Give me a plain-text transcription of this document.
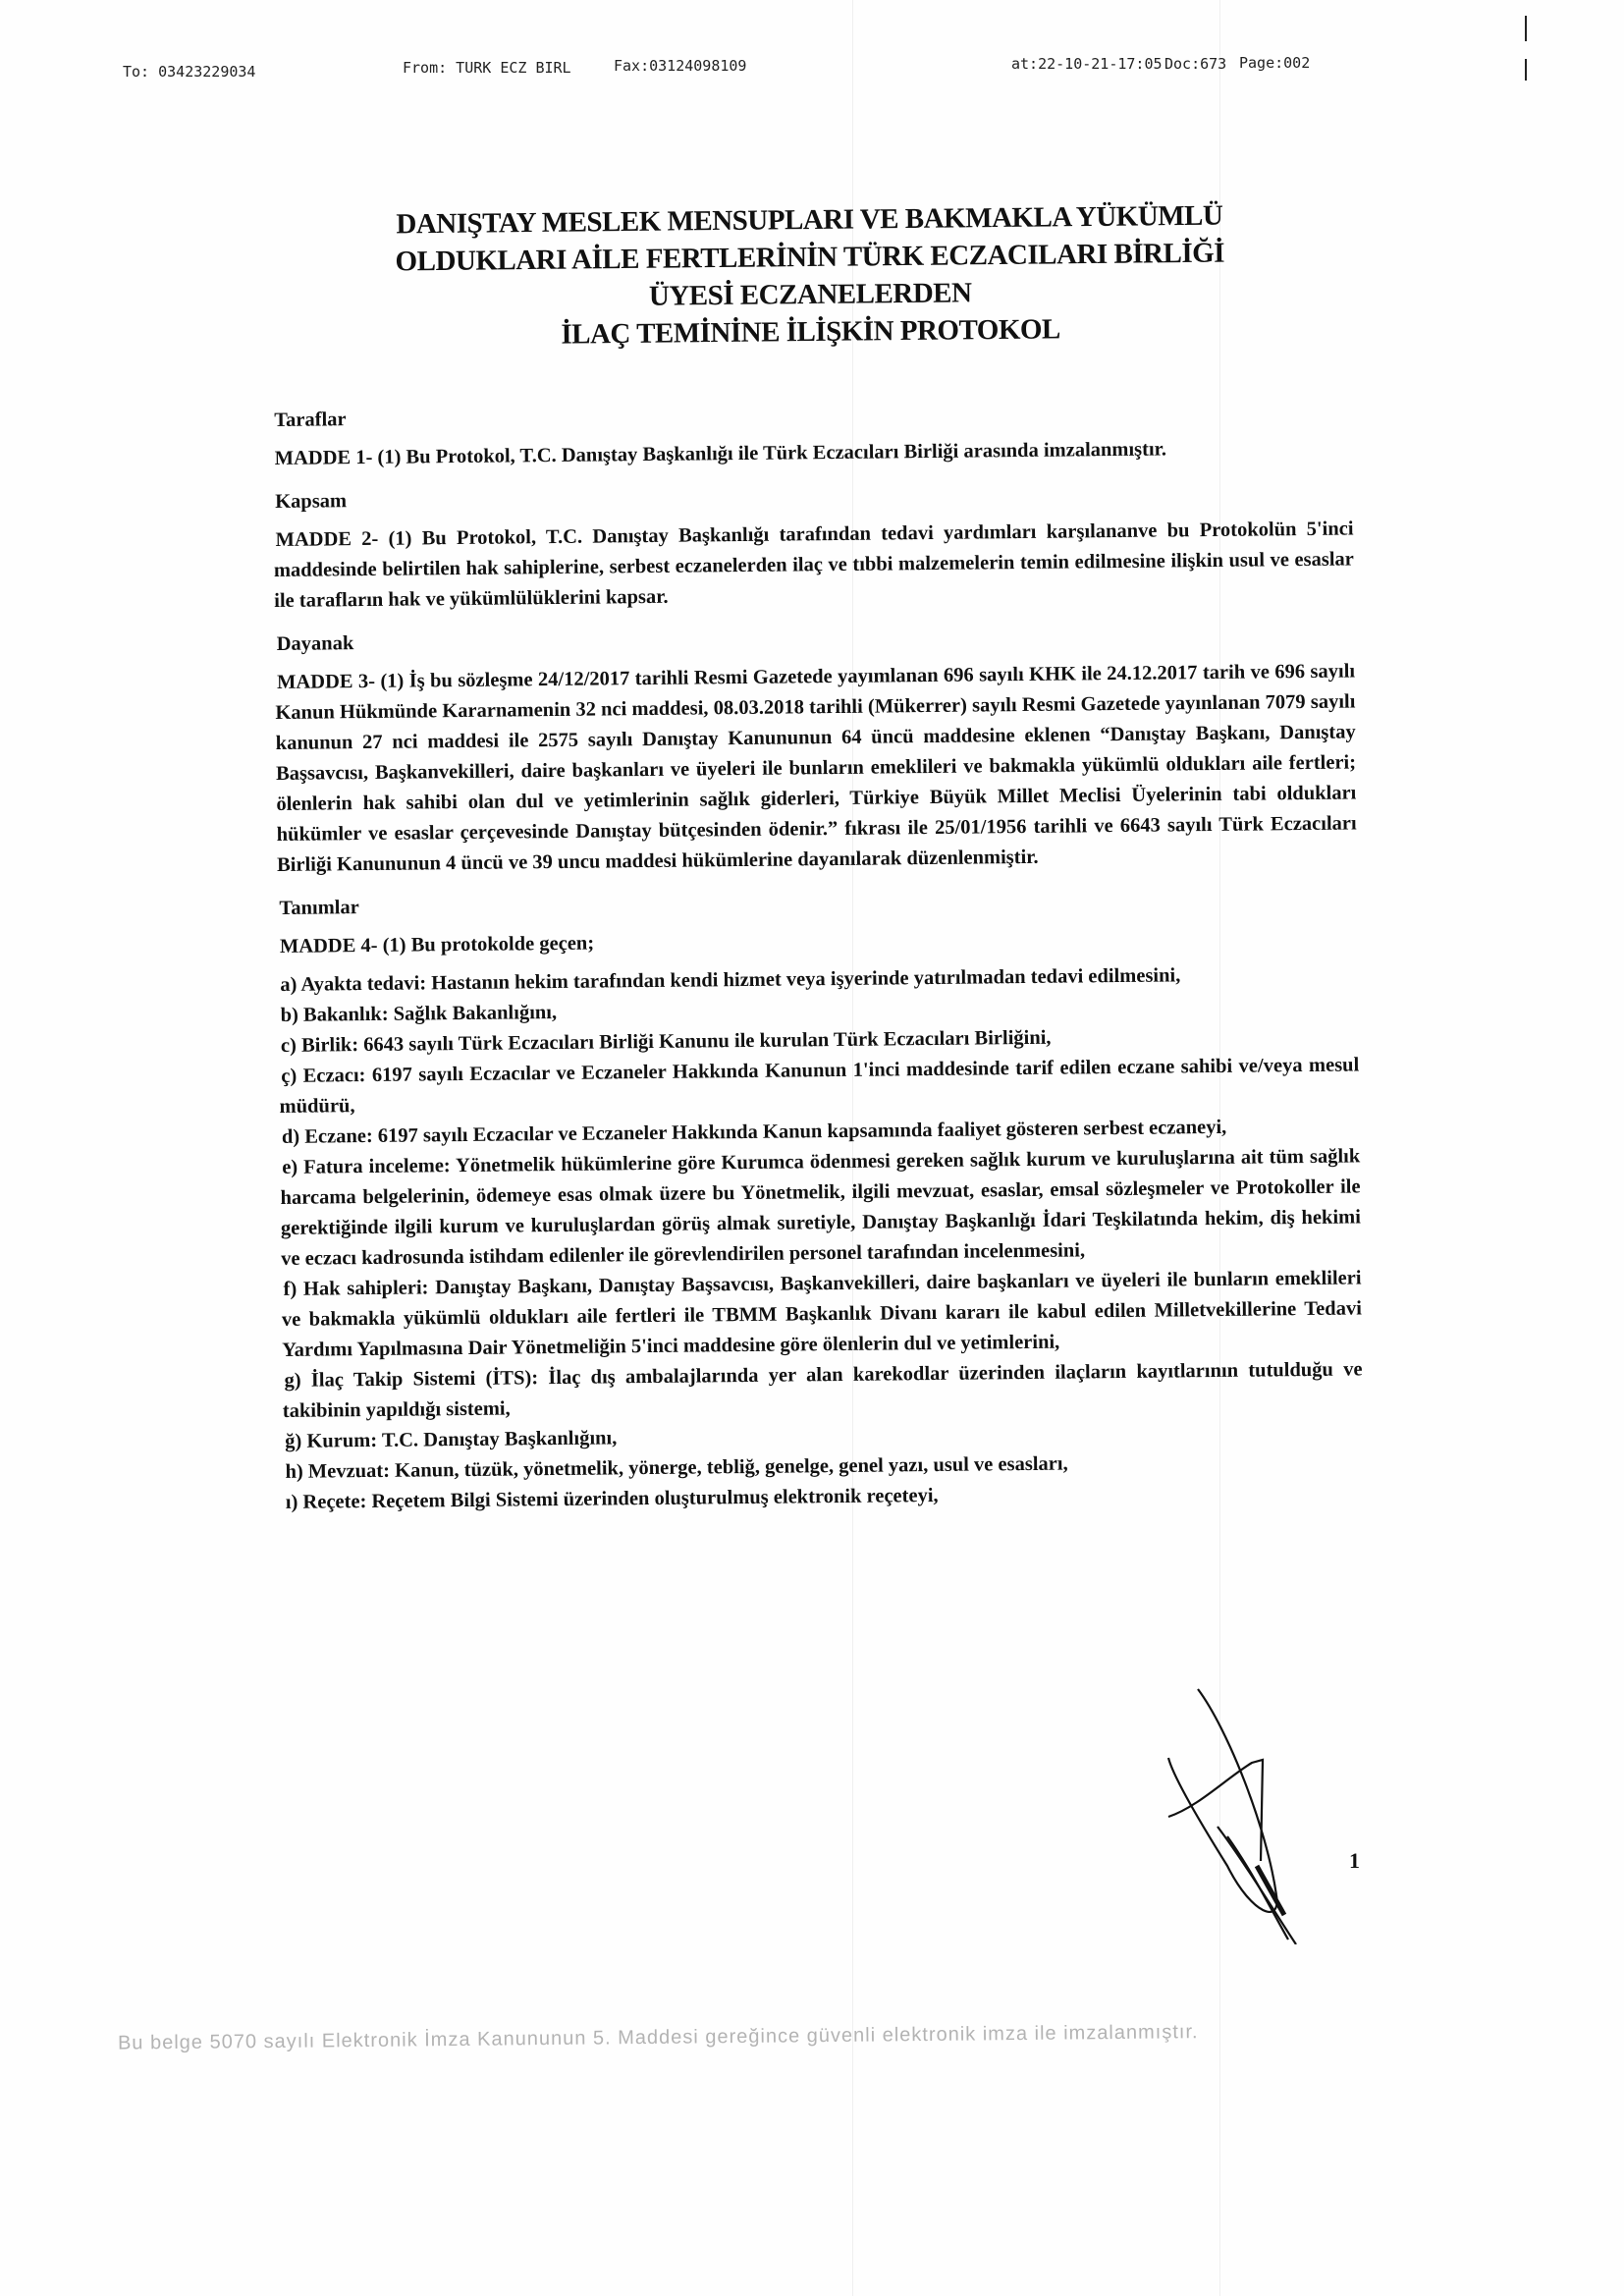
To: 03423229034	From: TURK ECZ BIRL	Fax:03124098109	at:22-10-21-17:05 Doc:673 Page:002
DANIŞTAY MESLEK MENSUPLARI VE BAKMAKLA YÜKÜMLÜ
OLDUKLARI AİLE FERTLERİNİN TÜRK ECZACILARI BİRLİĞİ
ÜYESİ ECZANELERDEN
İLAÇ TEMİNİNE İLİŞKİN PROTOKOL
Taraflar

MADDE 1- (1) Bu Protokol, T.C. Danıştay Başkanlığı ile Türk Eczacıları Birliği arasında imzalanmıştır.

Kapsam

MADDE 2- (1) Bu Protokol, T.C. Danıştay Başkanlığı tarafından tedavi yardımları karşılananve bu Protokolün 5'inci maddesinde belirtilen hak sahiplerine, serbest eczanelerden ilaç ve tıbbi malzemelerin temin edilmesine ilişkin usul ve esaslar ile tarafların hak ve yükümlülüklerini kapsar.

Dayanak

MADDE 3- (1) İş bu sözleşme 24/12/2017 tarihli Resmi Gazetede yayımlanan 696 sayılı KHK ile 24.12.2017 tarih ve 696 sayılı Kanun Hükmünde Kararnamenin 32 nci maddesi, 08.03.2018 tarihli (Mükerrer) sayılı Resmi Gazetede yayınlanan 7079 sayılı kanunun 27 nci maddesi ile 2575 sayılı Danıştay Kanununun 64 üncü maddesine eklenen “Danıştay Başkanı, Danıştay Başsavcısı, Başkanvekilleri, daire başkanları ve üyeleri ile bunların emeklileri ve bakmakla yükümlü oldukları aile fertleri; ölenlerin hak sahibi olan dul ve yetimlerinin sağlık giderleri, Türkiye Büyük Millet Meclisi Üyelerinin tabi oldukları hükümler ve esaslar çerçevesinde Danıştay bütçesinden ödenir.” fıkrası ile 25/01/1956 tarihli ve 6643 sayılı Türk Eczacıları Birliği Kanununun 4 üncü ve 39 uncu maddesi hükümlerine dayanılarak düzenlenmiştir.

Tanımlar

MADDE 4- (1) Bu protokolde geçen;

a) Ayakta tedavi: Hastanın hekim tarafından kendi hizmet veya işyerinde yatırılmadan tedavi edilmesini,

b) Bakanlık: Sağlık Bakanlığını,

c) Birlik: 6643 sayılı Türk Eczacıları Birliği Kanunu ile kurulan Türk Eczacıları Birliğini,

ç) Eczacı: 6197 sayılı Eczacılar ve Eczaneler Hakkında Kanunun 1'inci maddesinde tarif edilen eczane sahibi ve/veya mesul müdürü,

d) Eczane: 6197 sayılı Eczacılar ve Eczaneler Hakkında Kanun kapsamında faaliyet gösteren serbest eczaneyi,

e) Fatura inceleme: Yönetmelik hükümlerine göre Kurumca ödenmesi gereken sağlık kurum ve kuruluşlarına ait tüm sağlık harcama belgelerinin, ödemeye esas olmak üzere bu Yönetmelik, ilgili mevzuat, esaslar, emsal sözleşmeler ve Protokoller ile gerektiğinde ilgili kurum ve kuruluşlardan görüş almak suretiyle, Danıştay Başkanlığı İdari Teşkilatında hekim, diş hekimi ve eczacı kadrosunda istihdam edilenler ile görevlendirilen personel tarafından incelenmesini,

f) Hak sahipleri: Danıştay Başkanı, Danıştay Başsavcısı, Başkanvekilleri, daire başkanları ve üyeleri ile bunların emeklileri ve bakmakla yükümlü oldukları aile fertleri ile TBMM Başkanlık Divanı kararı ile kabul edilen Milletvekillerine Tedavi Yardımı Yapılmasına Dair Yönetmeliğin 5'inci maddesine göre ölenlerin dul ve yetimlerini,

g) İlaç Takip Sistemi (İTS): İlaç dış ambalajlarında yer alan karekodlar üzerinden ilaçların kayıtlarının tutulduğu ve takibinin yapıldığı sistemi,

ğ) Kurum: T.C. Danıştay Başkanlığını,

h) Mevzuat: Kanun, tüzük, yönetmelik, yönerge, tebliğ, genelge, genel yazı, usul ve esasları,

ı) Reçete: Reçetem Bilgi Sistemi üzerinden oluşturulmuş elektronik reçeteyi,

1
Bu belge 5070 sayılı Elektronik İmza Kanununun 5. Maddesi gereğince güvenli elektronik imza ile imzalanmıştır.
